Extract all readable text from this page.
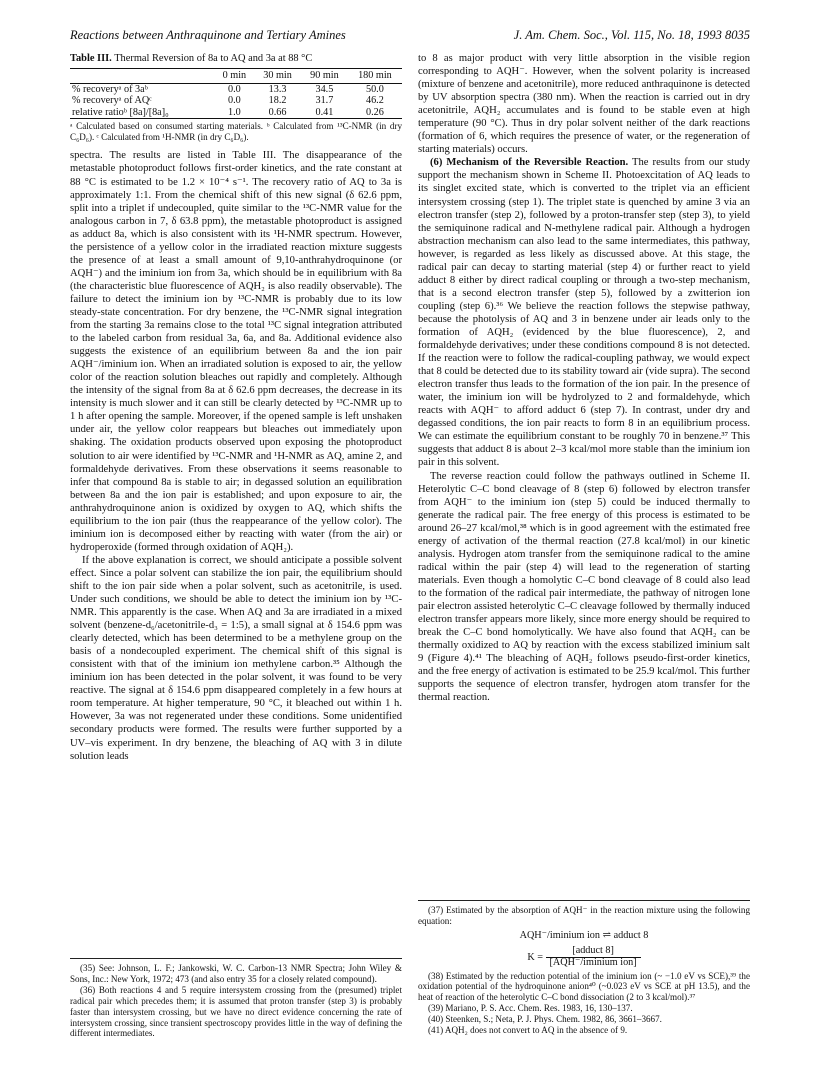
Reactions between Anthraquinone and Tertiary Amines	J. Am. Chem. Soc., Vol. 115, No. 18, 1993 8035
Table III. Thermal Reversion of 8a to AQ and 3a at 88 °C
	0 min	30 min	90 min	180 min
% recoveryᵃ of 3aᵇ	0.0	13.3	34.5	50.0
% recoveryᵃ of AQᶜ	0.0	18.2	31.7	46.2
relative ratioᵇ [8a]/[8a]₀	1.0	0.66	0.41	0.26
ᵃ Calculated based on consumed starting materials. ᵇ Calculated from ¹³C-NMR (in dry C₆D₆). ᶜ Calculated from ¹H-NMR (in dry C₆D₆).

spectra. The results are listed in Table III. The disappearance of the metastable photoproduct follows first-order kinetics, and the rate constant at 88 °C is estimated to be 1.2 × 10⁻⁴ s⁻¹. The recovery ratio of AQ to 3a is approximately 1:1. From the chemical shift of this new signal (δ 62.6 ppm, split into a triplet if undecoupled, quite similar to the ¹³C-NMR value for the analogous carbon in 7, δ 63.8 ppm), the metastable photoproduct is assigned as adduct 8a, which is also consistent with its ¹H-NMR spectrum. However, the persistence of a yellow color in the irradiated reaction mixture suggests the presence of at least a small amount of 9,10-anthrahydroquinone (or AQH⁻) and the iminium ion from 3a, which should be in equilibrium with 8a (the characteristic blue fluorescence of AQH₂ is also readily observable). The failure to detect the iminium ion by ¹³C-NMR is probably due to its low steady-state concentration. For dry benzene, the ¹³C-NMR signal integration from the starting 3a remains close to the total ¹³C signal integration attributed to the labeled carbon from residual 3a, 6a, and 8a. Additional evidence also suggests the existence of an equilibrium between 8a and the ion pair AQH⁻/iminium ion. When an irradiated solution is exposed to air, the yellow color of the reaction solution bleaches out rapidly and completely. Although the intensity of the signal from 8a at δ 62.6 ppm decreases, the decrease in its intensity is much slower and it can still be clearly detected by ¹³C-NMR up to 1 h after opening the sample. Moreover, if the opened sample is left unshaken under air, the yellow color reappears but bleaches out immediately upon shaking. The oxidation products observed upon exposing the photoproduct solution to air were identified by ¹³C-NMR and ¹H-NMR as AQ, amine 2, and formaldehyde derivatives. From these observations it seems reasonable to infer that compound 8a is stable to air; in degassed solution an equilibration between 8a and the ion pair is established; and upon exposure to air, the anthrahydroquinone anion is oxidized by oxygen to AQ, which shifts the equilibrium to the ion pair (thus the reappearance of the yellow color). The iminium ion is decomposed either by reacting with water (from the air) or hydroperoxide (formed through oxidation of AQH₂).

If the above explanation is correct, we should anticipate a possible solvent effect. Since a polar solvent can stabilize the ion pair, the equilibrium should shift to the ion pair side when a polar solvent, such as acetonitrile, is used. Under such conditions, we should be able to detect the iminium ion by ¹³C-NMR. This apparently is the case. When AQ and 3a are irradiated in a mixed solvent (benzene-d₆/acetonitrile-d₃ = 1:5), a small signal at δ 154.6 ppm was clearly detected, which has been determined to be a methylene group on the basis of a nondecoupled experiment. The chemical shift of this signal is consistent with that of the iminium ion methylene carbon.³⁵ Although the iminium ion has been detected in the polar solvent, it was found to be very reactive. The signal at δ 154.6 ppm disappeared completely in a few hours at room temperature. At higher temperature, 90 °C, it bleached out within 1 h. However, 3a was not regenerated under these conditions. Some unidentified secondary products were formed. The results were further supported by a UV–vis experiment. In dry benzene, the bleaching of AQ with 3 in dilute solution leads

(35) See: Johnson, L. F.; Jankowski, W. C. Carbon-13 NMR Spectra; John Wiley & Sons, Inc.: New York, 1972; 473 (and also entry 35 for a closely related compound).

(36) Both reactions 4 and 5 require intersystem crossing from the (presumed) triplet radical pair which precedes them; it is assumed that proton transfer (step 3) is probably faster than intersystem crossing, but we have no direct evidence concerning the rate of intersystem crossing, since transient spectroscopy provides little in the way of defining the different intermediates.

to 8 as major product with very little absorption in the visible region corresponding to AQH⁻. However, when the solvent polarity is increased (mixture of benzene and acetonitrile), more reduced anthraquinone is detected by UV absorption spectra (380 nm). When the reaction is carried out in dry acetonitrile, AQH₂ accumulates and is found to be stable even at high temperature (90 °C). Thus in dry polar solvent neither of the dark reactions (formation of 6, which requires the presence of water, or the regeneration of starting materials) occurs.

(6) Mechanism of the Reversible Reaction. The results from our study support the mechanism shown in Scheme II. Photoexcitation of AQ leads to its singlet excited state, which is converted to the triplet via an efficient intersystem crossing (step 1). The triplet state is quenched by amine 3 via an electron transfer (step 2), followed by a proton-transfer step (step 3), to yield the semiquinone radical and N-methylene radical pair. Although a hydrogen abstraction mechanism can also lead to the same intermediates, this pathway, however, is regarded as less likely as discussed above. At this stage, the radical pair can decay to starting material (step 4) or further react to yield adduct 8 either by direct radical coupling or through a two-step mechanism, that is a second electron transfer (step 5), followed by a zwitterion ion coupling (step 6).³⁶ We believe the reaction follows the stepwise pathway, because the photolysis of AQ and 3 in benzene under air leads only to the formation of AQH₂ (evidenced by the blue fluorescence), 2, and formaldehyde derivatives; under these conditions compound 8 is not detected. If the reaction were to follow the radical-coupling pathway, we would expect that 8 could be detected due to its stability toward air (vide supra). The second electron transfer thus leads to the formation of the ion pair. In the presence of water, the iminium ion will be hydrolyzed to 2 and formaldehyde, which reacts with AQH⁻ to afford adduct 6 (step 7). In contrast, under dry and degassed conditions, the ion pair reacts to form 8 in an equilibrium process. We can estimate the equilibrium constant to be roughly 70 in benzene.³⁷ This suggests that adduct 8 is about 2–3 kcal/mol more stable than the iminium ion pair in this solvent.

The reverse reaction could follow the pathways outlined in Scheme II. Heterolytic C–C bond cleavage of 8 (step 6) followed by electron transfer from AQH⁻ to the iminium ion (step 5) could be induced thermally to generate the radical pair. The free energy of this process is estimated to be around 26–27 kcal/mol,³⁸ which is in good agreement with the estimated free energy of activation of the thermal reaction (27.8 kcal/mol) in our kinetic analysis. Hydrogen atom transfer from the semiquinone radical to the amine radical within the pair (step 4) will lead to the regeneration of starting materials. Even though a homolytic C–C bond cleavage of 8 could also lead to the formation of the radical pair intermediate, the pathway of nitrogen lone pair electron assisted heterolytic C–C cleavage followed by thermally induced electron transfer appears more likely, since more energy should be required to break the C–C bond homolytically. We have also found that AQH₂ can be thermally oxidized to AQ by reaction with the excess stabilized iminium salt 9 (Figure 4).⁴¹ The bleaching of AQH₂ follows pseudo-first-order kinetics, and the free energy of activation is estimated to be 25.9 kcal/mol. This further supports the sequence of electron transfer, hydrogen atom transfer for the thermal reaction.

(37) Estimated by the absorption of AQH⁻ in the reaction mixture using the following equation:

AQH⁻/iminium ion ⇌ adduct 8
$K = \frac{\text{[adduct 8]}}{\text{[AQH⁻/iminium ion]}}$

(38) Estimated by the reduction potential of the iminium ion (~ −1.0 eV vs SCE),³⁹ the oxidation potential of the hydroquinone anion⁴⁰ (~0.023 eV vs SCE at pH 13.5), and the heat of reaction of the heterolytic C–C bond dissociation (2 to 3 kcal/mol).³⁷

(39) Mariano, P. S. Acc. Chem. Res. 1983, 16, 130–137.

(40) Steenken, S.; Neta, P. J. Phys. Chem. 1982, 86, 3661–3667.

(41) AQH₂ does not convert to AQ in the absence of 9.
